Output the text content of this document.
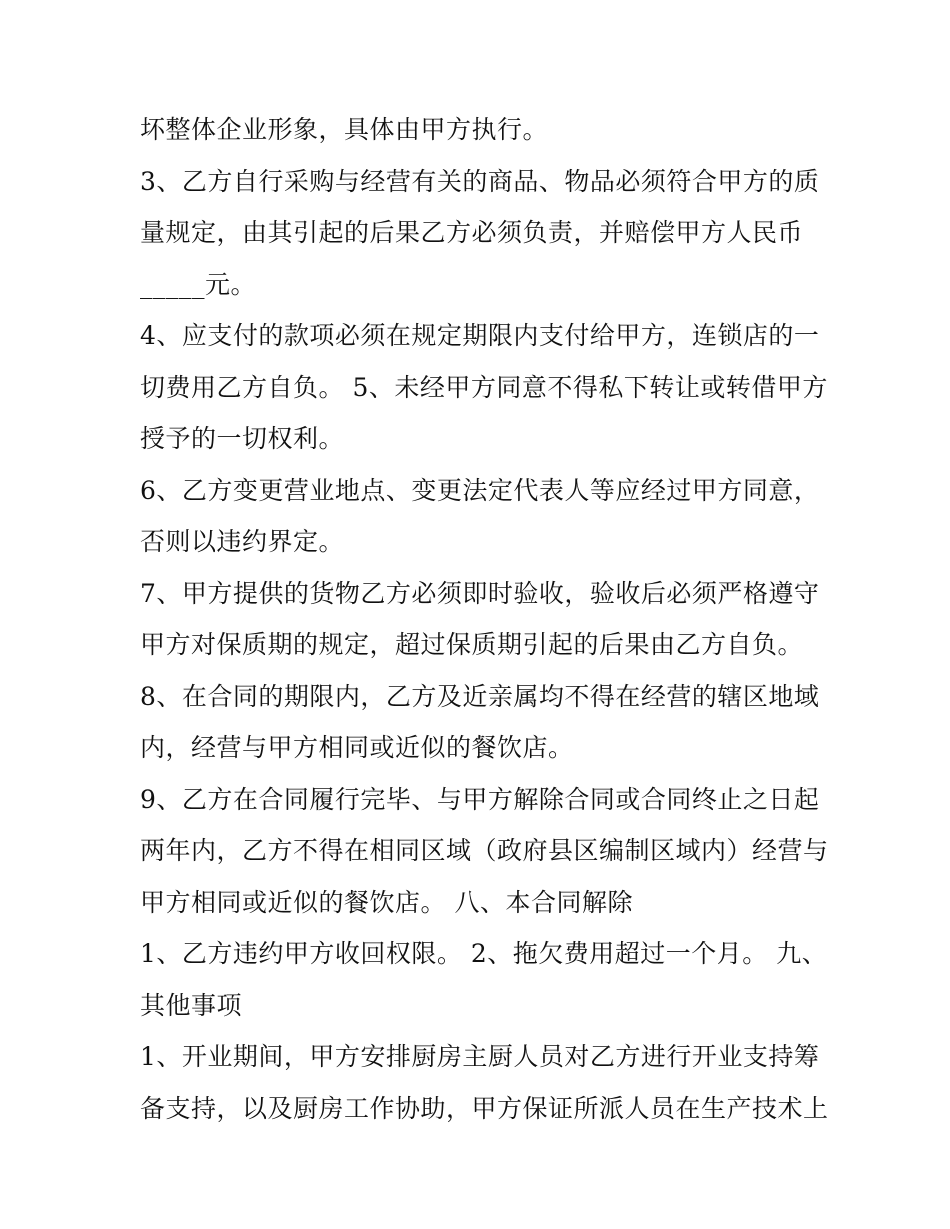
坏整体企业形象，具体由甲方执行。
3、乙方自行采购与经营有关的商品、物品必须符合甲方的质
量规定，由其引起的后果乙方必须负责，并赔偿甲方人民币
_____元。
4、应支付的款项必须在规定期限内支付给甲方，连锁店的一
切费用乙方自负。 5、未经甲方同意不得私下转让或转借甲方
授予的一切权利。
6、乙方变更营业地点、变更法定代表人等应经过甲方同意，
否则以违约界定。
7、甲方提供的货物乙方必须即时验收，验收后必须严格遵守
甲方对保质期的规定，超过保质期引起的后果由乙方自负。
8、在合同的期限内，乙方及近亲属均不得在经营的辖区地域
内，经营与甲方相同或近似的餐饮店。
9、乙方在合同履行完毕、与甲方解除合同或合同终止之日起
两年内，乙方不得在相同区域（政府县区编制区域内）经营与
甲方相同或近似的餐饮店。 八、本合同解除
1、乙方违约甲方收回权限。 2、拖欠费用超过一个月。 九、
其他事项
1、开业期间，甲方安排厨房主厨人员对乙方进行开业支持筹
备支持，以及厨房工作协助，甲方保证所派人员在生产技术上
